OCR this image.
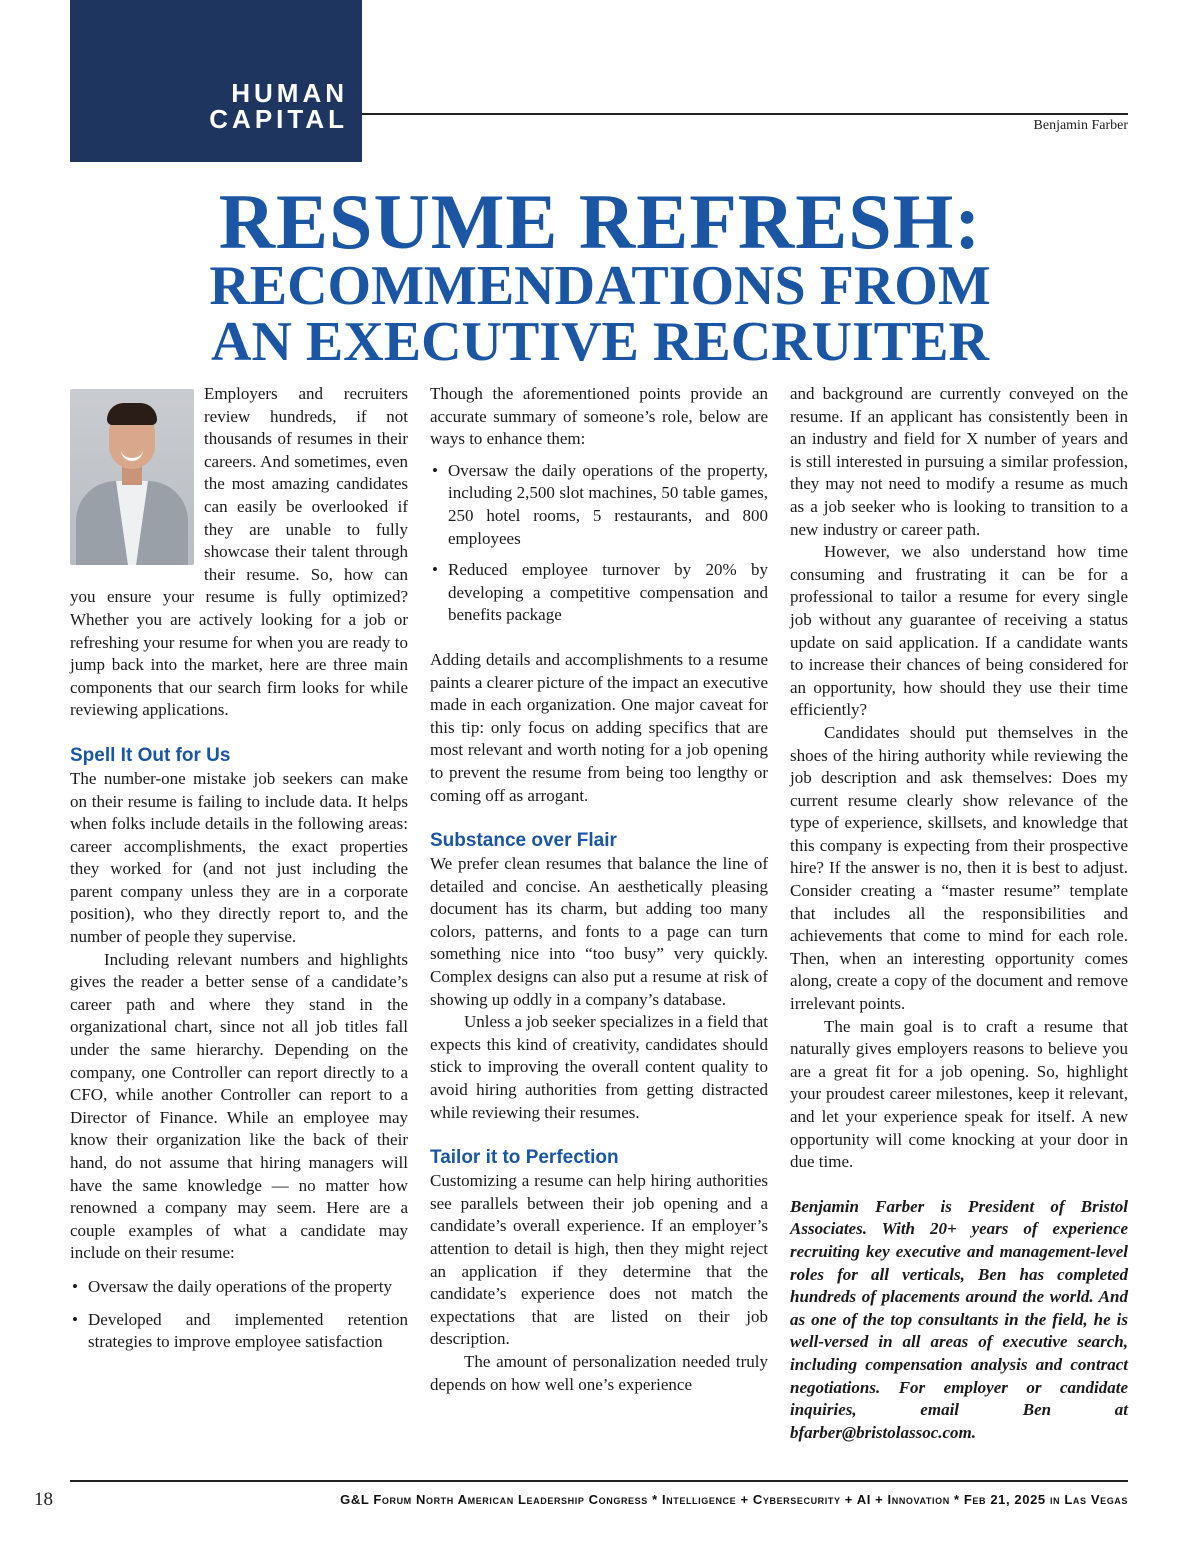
HUMAN
CAPITAL	Benjamin Farber
RESUME REFRESH:
RECOMMENDATIONS FROM
AN EXECUTIVE RECRUITER

Employers and recruiters review hundreds, if not thousands of resumes in their careers. And sometimes, even the most amazing candidates can easily be overlooked if they are unable to fully showcase their talent through their resume. So, how can you ensure your resume is fully optimized? Whether you are actively looking for a job or refreshing your resume for when you are ready to jump back into the market, here are three main components that our search firm looks for while reviewing applications.

Spell It Out for Us

The number-one mistake job seekers can make on their resume is failing to include data. It helps when folks include details in the following areas: career accomplishments, the exact properties they worked for (and not just including the parent company unless they are in a corporate position), who they directly report to, and the number of people they supervise.

Including relevant numbers and highlights gives the reader a better sense of a candidate’s career path and where they stand in the organizational chart, since not all job titles fall under the same hierarchy. Depending on the company, one Controller can report directly to a CFO, while another Controller can report to a Director of Finance. While an employee may know their organization like the back of their hand, do not assume that hiring managers will have the same knowledge — no matter how renowned a company may seem. Here are a couple examples of what a candidate may include on their resume:

• Oversaw the daily operations of the property
• Developed and implemented retention strategies to improve employee satisfaction

Though the aforementioned points provide an accurate summary of someone’s role, below are ways to enhance them:

• Oversaw the daily operations of the property, including 2,500 slot machines, 50 table games, 250 hotel rooms, 5 restaurants, and 800 employees
• Reduced employee turnover by 20% by developing a competitive compensation and benefits package

Adding details and accomplishments to a resume paints a clearer picture of the impact an executive made in each organization. One major caveat for this tip: only focus on adding specifics that are most relevant and worth noting for a job opening to prevent the resume from being too lengthy or coming off as arrogant.

Substance over Flair

We prefer clean resumes that balance the line of detailed and concise. An aesthetically pleasing document has its charm, but adding too many colors, patterns, and fonts to a page can turn something nice into “too busy” very quickly. Complex designs can also put a resume at risk of showing up oddly in a company’s database.

Unless a job seeker specializes in a field that expects this kind of creativity, candidates should stick to improving the overall content quality to avoid hiring authorities from getting distracted while reviewing their resumes.

Tailor it to Perfection

Customizing a resume can help hiring authorities see parallels between their job opening and a candidate’s overall experience. If an employer’s attention to detail is high, then they might reject an application if they determine that the candidate’s experience does not match the expectations that are listed on their job description.

The amount of personalization needed truly depends on how well one’s experience

and background are currently conveyed on the resume. If an applicant has consistently been in an industry and field for X number of years and is still interested in pursuing a similar profession, they may not need to modify a resume as much as a job seeker who is looking to transition to a new industry or career path.

However, we also understand how time consuming and frustrating it can be for a professional to tailor a resume for every single job without any guarantee of receiving a status update on said application. If a candidate wants to increase their chances of being considered for an opportunity, how should they use their time efficiently?

Candidates should put themselves in the shoes of the hiring authority while reviewing the job description and ask themselves: Does my current resume clearly show relevance of the type of experience, skillsets, and knowledge that this company is expecting from their prospective hire? If the answer is no, then it is best to adjust. Consider creating a “master resume” template that includes all the responsibilities and achievements that come to mind for each role. Then, when an interesting opportunity comes along, create a copy of the document and remove irrelevant points.

The main goal is to craft a resume that naturally gives employers reasons to believe you are a great fit for a job opening. So, highlight your proudest career milestones, keep it relevant, and let your experience speak for itself. A new opportunity will come knocking at your door in due time.

Benjamin Farber is President of Bristol Associates. With 20+ years of experience recruiting key executive and management-level roles for all verticals, Ben has completed hundreds of placements around the world. And as one of the top consultants in the field, he is well-versed in all areas of executive search, including compensation analysis and contract negotiations. For employer or candidate inquiries, email Ben at bfarber@bristolassoc.com.

18	G&L Forum North American Leadership Congress * Intelligence + Cybersecurity + AI + Innovation * Feb 21, 2025 in Las Vegas
